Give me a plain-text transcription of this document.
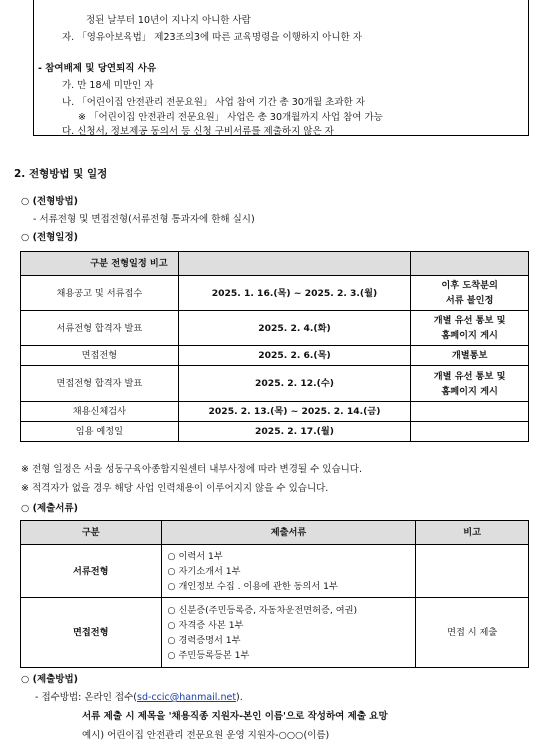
정된 날부터 10년이 지나지 아니한 사람
자. 「영유아보육법」 제23조의3에 따른 교육명령을 이행하지 아니한 자
- 참여배제 및 당연퇴직 사유
가. 만 18세 미만인 자
나. 「어린이집 안전관리 전문요원」 사업 참여 기간 총 30개월 초과한 자
※ 「어린이집 안전관리 전문요원」 사업은 총 30개월까지 사업 참여 가능
다. 신청서, 정보제공 동의서 등 신청 구비서류를 제출하지 않은 자
2. 전형방법 및 일정
○ (전형방법)
- 서류전형 및 면접전형(서류전형 통과자에 한해 실시)
○ (전형일정)
구분 전형일정 비고		
채용공고 및 서류접수	2025. 1. 16.(목) ~ 2025. 2. 3.(월)	이후 도착분의
서류 불인정
서류전형 합격자 발표	2025. 2. 4.(화)	개별 유선 통보 및
홈페이지 게시
면접전형	2025. 2. 6.(목)	개별통보
면접전형 합격자 발표	2025. 2. 12.(수)	개별 유선 통보 및
홈페이지 게시
채용신체검사	2025. 2. 13.(목) ~ 2025. 2. 14.(금)	
임용 예정일	2025. 2. 17.(월)	
※ 전형 일정은 서울 성동구육아종합지원센터 내부사정에 따라 변경될 수 있습니다.
※ 적격자가 없을 경우 해당 사업 인력채용이 이루어지지 않을 수 있습니다.
○ (제출서류)
구분	제출서류	비고
서류전형	○ 이력서 1부
○ 자기소개서 1부
○ 개인정보 수집 . 이용에 관한 동의서 1부	

면접전형	○ 신분증(주민등록증, 자동차운전면허증, 여권)
○ 자격증 사본 1부
○ 경력증명서 1부
○ 주민등록등본 1부	면접 시 제출
○ (제출방법)
- 접수방법: 온라인 접수(sd-ccic@hanmail.net).
서류 제출 시 제목을 '채용직종 지원자-본인 이름'으로 작성하여 제출 요망
예시) 어린이집 안전관리 전문요원 운영 지원자-○○○(이름)
